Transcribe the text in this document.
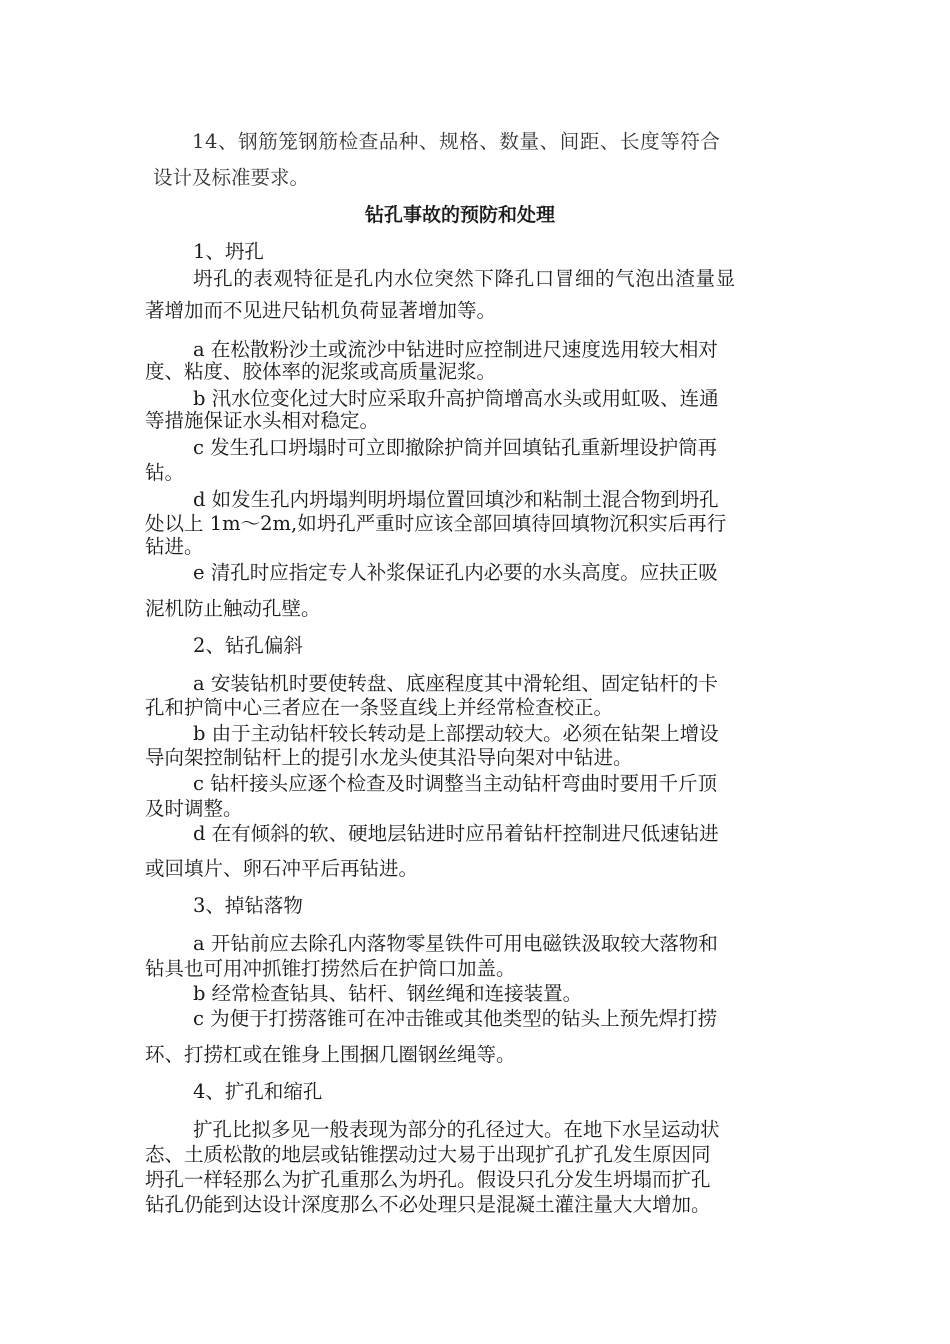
14、钢筋笼钢筋检查品种、规格、数量、间距、长度等符合
设计及标准要求。
钻孔事故的预防和处理
1、坍孔
坍孔的表观特征是孔内水位突然下降孔口冒细的气泡出渣量显
著增加而不见进尺钻机负荷显著增加等。
a 在松散粉沙土或流沙中钻进时应控制进尺速度选用较大相对
度、粘度、胶体率的泥浆或高质量泥浆。
b 汛水位变化过大时应采取升高护筒增高水头或用虹吸、连通
等措施保证水头相对稳定。
c 发生孔口坍塌时可立即撤除护筒并回填钻孔重新埋设护筒再
钻。
d 如发生孔内坍塌判明坍塌位置回填沙和粘制土混合物到坍孔
处以上 1m～2m,如坍孔严重时应该全部回填待回填物沉积实后再行
钻进。
e 清孔时应指定专人补浆保证孔内必要的水头高度。应扶正吸
泥机防止触动孔壁。
2、钻孔偏斜
a 安装钻机时要使转盘、底座程度其中滑轮组、固定钻杆的卡
孔和护筒中心三者应在一条竖直线上并经常检查校正。
b 由于主动钻杆较长转动是上部摆动较大。必须在钻架上增设
导向架控制钻杆上的提引水龙头使其沿导向架对中钻进。
c 钻杆接头应逐个检查及时调整当主动钻杆弯曲时要用千斤顶
及时调整。
d 在有倾斜的软、硬地层钻进时应吊着钻杆控制进尺低速钻进
或回填片、卵石冲平后再钻进。
3、掉钻落物
a 开钻前应去除孔内落物零星铁件可用电磁铁汲取较大落物和
钻具也可用冲抓锥打捞然后在护筒口加盖。
b 经常检查钻具、钻杆、钢丝绳和连接装置。
c 为便于打捞落锥可在冲击锥或其他类型的钻头上预先焊打捞
环、打捞杠或在锥身上围捆几圈钢丝绳等。
4、扩孔和缩孔
扩孔比拟多见一般表现为部分的孔径过大。在地下水呈运动状
态、土质松散的地层或钻锥摆动过大易于出现扩孔扩孔发生原因同
坍孔一样轻那么为扩孔重那么为坍孔。假设只孔分发生坍塌而扩孔
钻孔仍能到达设计深度那么不必处理只是混凝土灌注量大大增加。
